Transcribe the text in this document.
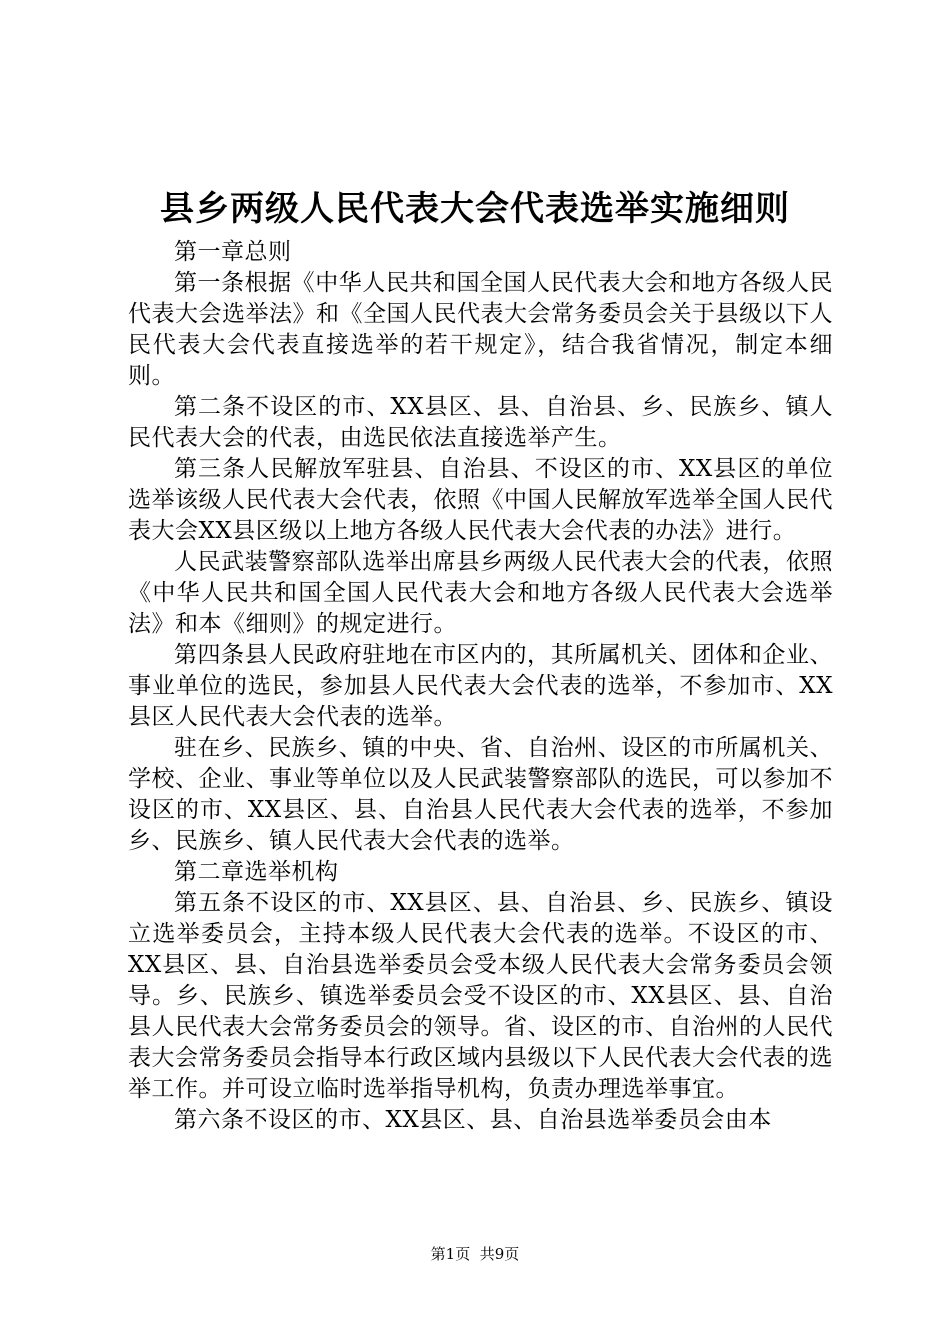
县乡两级人民代表大会代表选举实施细则

第一章总则

第一条根据《中华人民共和国全国人民代表大会和地方各级人民代表大会选举法》和《全国人民代表大会常务委员会关于县级以下人民代表大会代表直接选举的若干规定》，结合我省情况，制定本细则。

第二条不设区的市、XX县区、县、自治县、乡、民族乡、镇人民代表大会的代表，由选民依法直接选举产生。

第三条人民解放军驻县、自治县、不设区的市、XX县区的单位选举该级人民代表大会代表，依照《中国人民解放军选举全国人民代表大会XX县区级以上地方各级人民代表大会代表的办法》进行。

人民武装警察部队选举出席县乡两级人民代表大会的代表，依照《中华人民共和国全国人民代表大会和地方各级人民代表大会选举法》和本《细则》的规定进行。

第四条县人民政府驻地在市区内的，其所属机关、团体和企业、事业单位的选民，参加县人民代表大会代表的选举，不参加市、XX县区人民代表大会代表的选举。

驻在乡、民族乡、镇的中央、省、自治州、设区的市所属机关、学校、企业、事业等单位以及人民武装警察部队的选民，可以参加不设区的市、XX县区、县、自治县人民代表大会代表的选举，不参加乡、民族乡、镇人民代表大会代表的选举。

第二章选举机构

第五条不设区的市、XX县区、县、自治县、乡、民族乡、镇设立选举委员会，主持本级人民代表大会代表的选举。不设区的市、XX县区、县、自治县选举委员会受本级人民代表大会常务委员会领导。乡、民族乡、镇选举委员会受不设区的市、XX县区、县、自治县人民代表大会常务委员会的领导。省、设区的市、自治州的人民代表大会常务委员会指导本行政区域内县级以下人民代表大会代表的选举工作。并可设立临时选举指导机构，负责办理选举事宜。

第六条不设区的市、XX县区、县、自治县选举委员会由本

第1页 共9页
